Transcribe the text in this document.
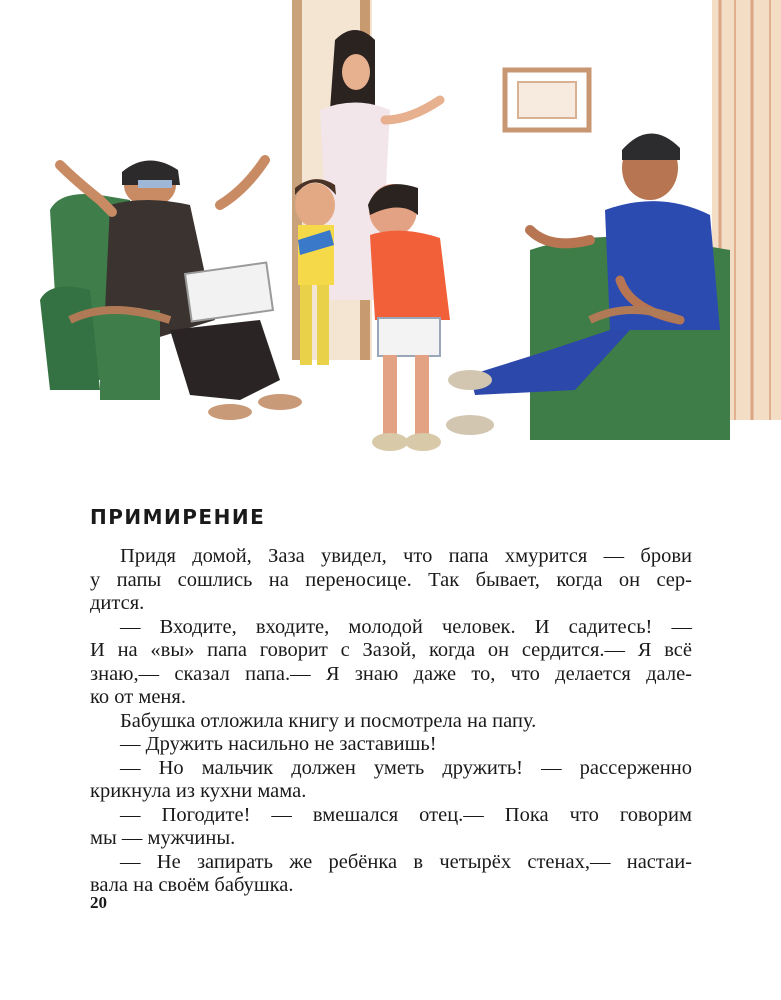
ПРИМИРЕНИЕ
Придя домой, Заза увидел, что папа хмурится — брови
у папы сошлись на переносице. Так бывает, когда он сер-
дится.
— Входите, входите, молодой человек. И садитесь! —
И на «вы» папа говорит с Зазой, когда он сердится.— Я всё
знаю,— сказал папа.— Я знаю даже то, что делается дале-
ко от меня.
Бабушка отложила книгу и посмотрела на папу.
— Дружить насильно не заставишь!
— Но мальчик должен уметь дружить! — рассерженно
крикнула из кухни мама.
— Погодите! — вмешался отец.— Пока что говорим
мы — мужчины.
— Не запирать же ребёнка в четырёх стенах,— настаи-
вала на своём бабушка.
20
